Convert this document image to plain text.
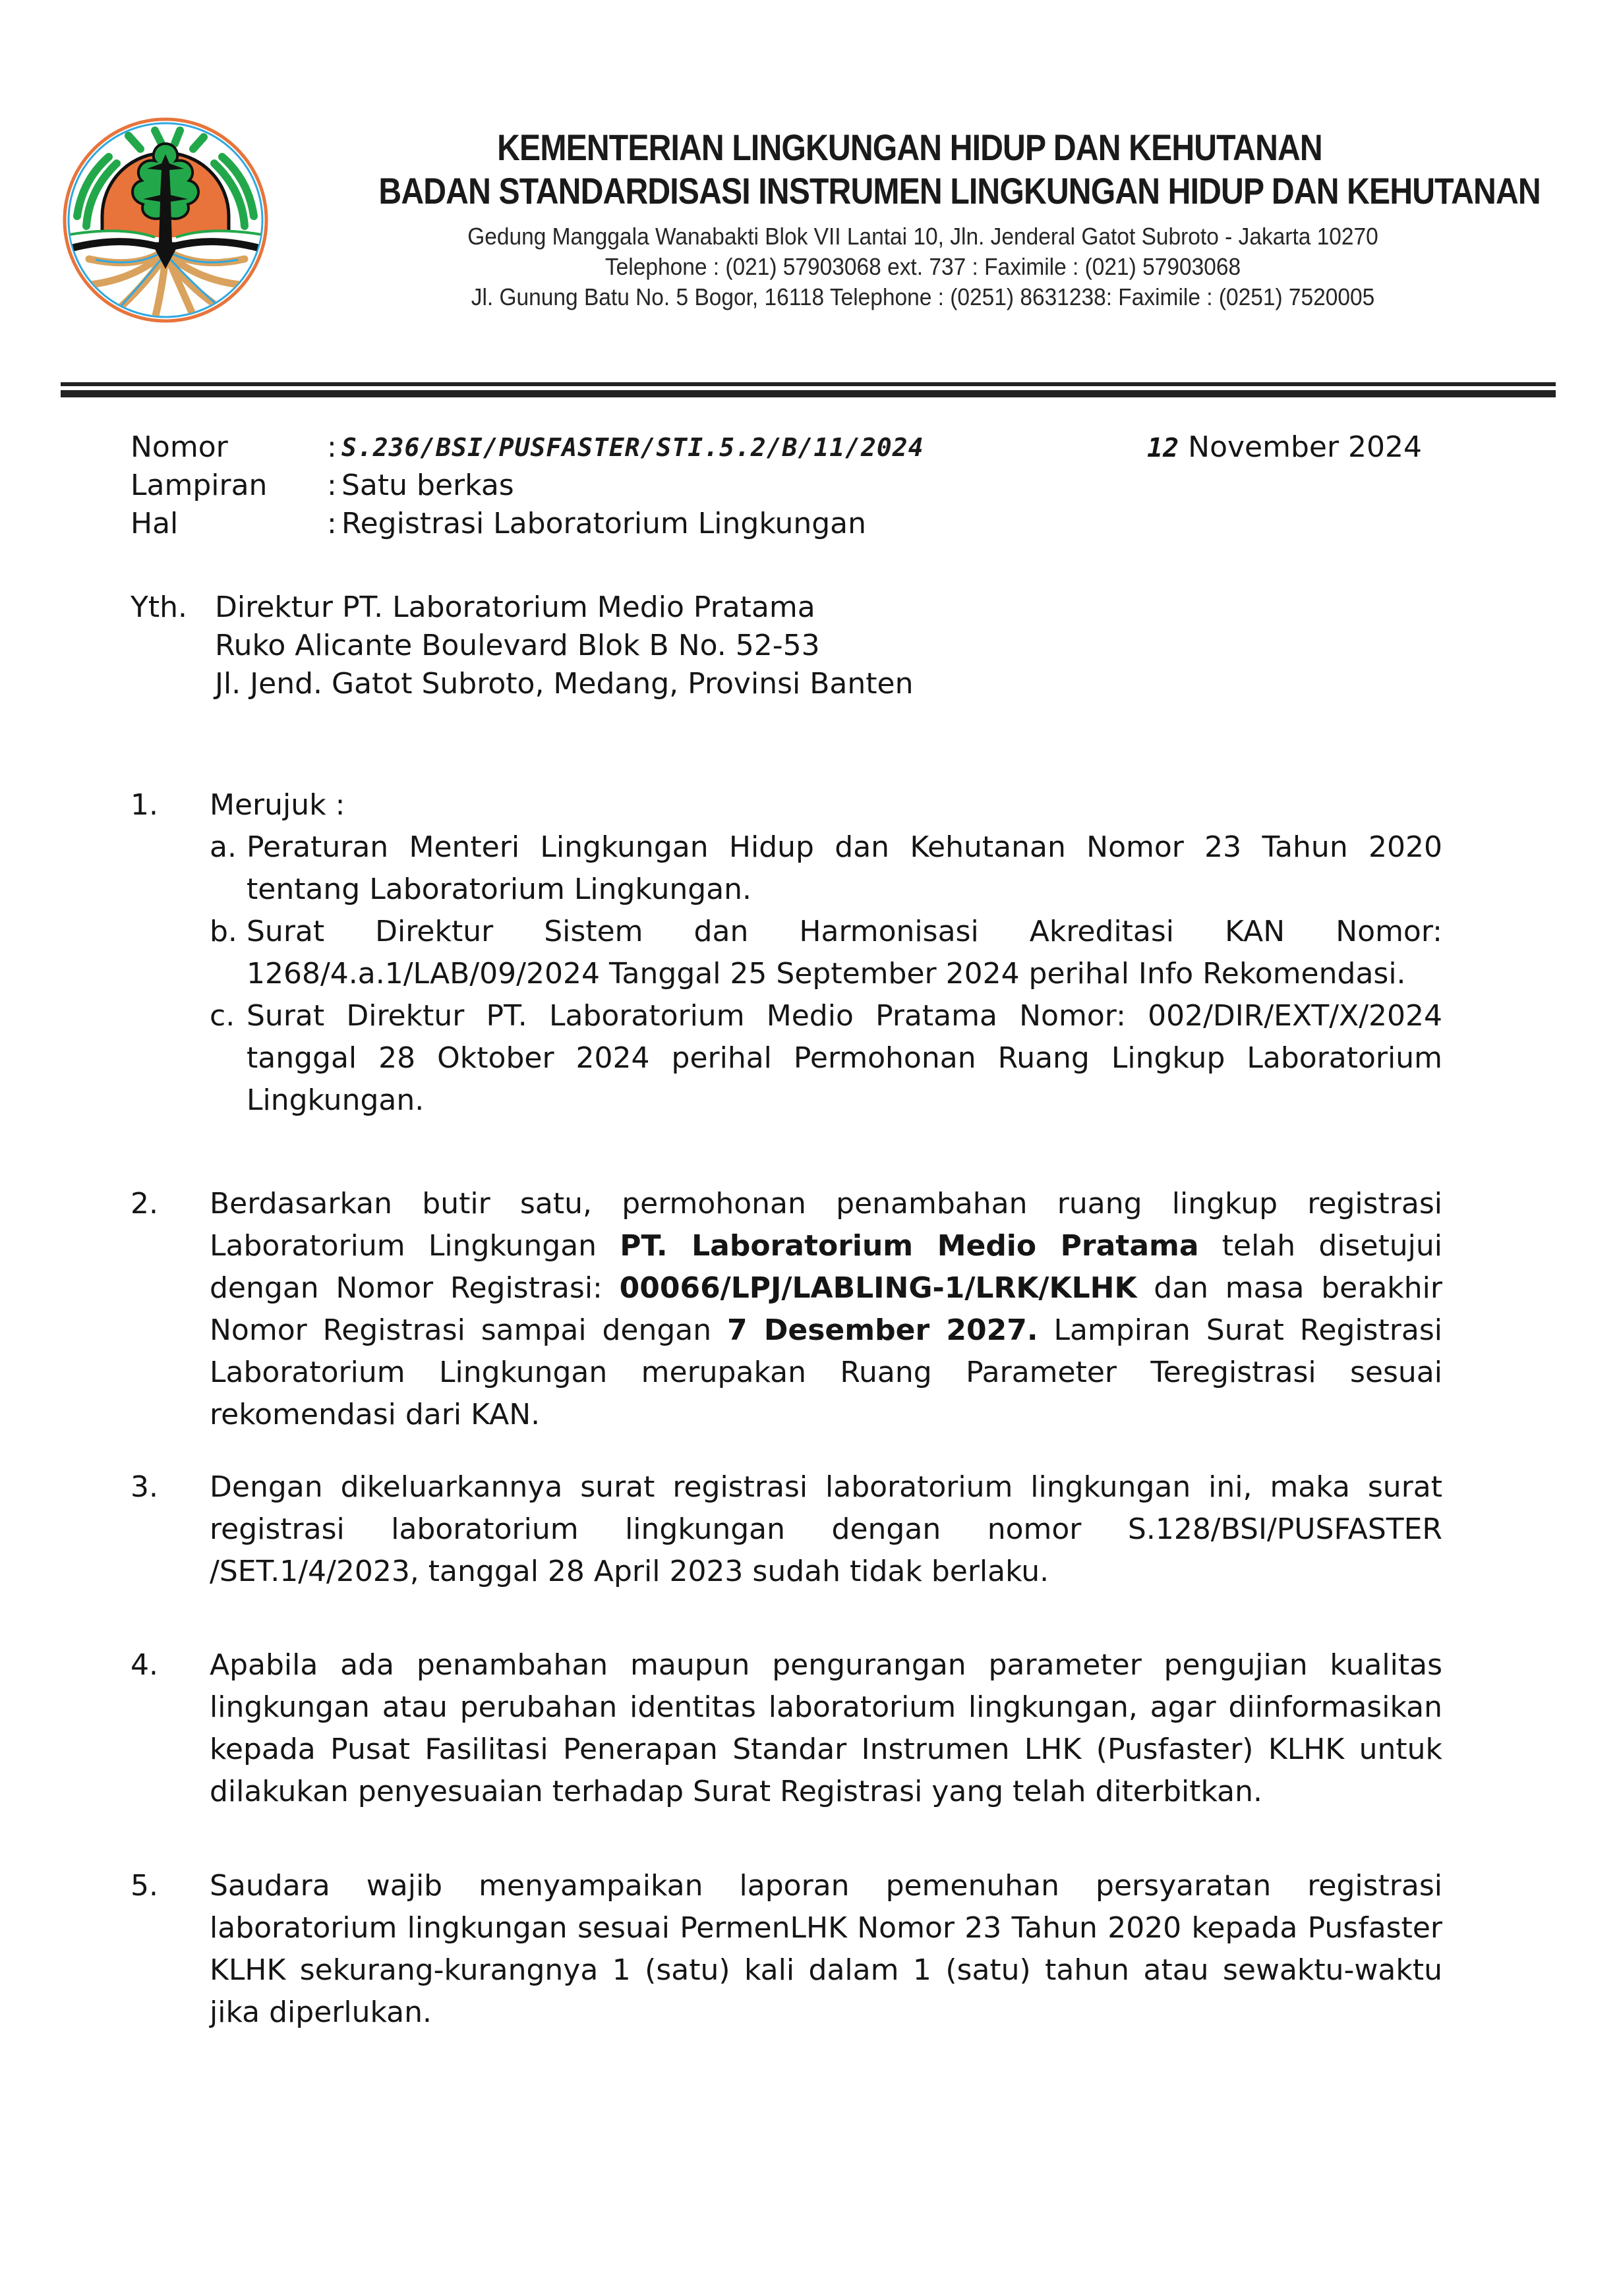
KEMENTERIAN LINGKUNGAN HIDUP DAN KEHUTANAN
BADAN STANDARDISASI INSTRUMEN LINGKUNGAN HIDUP DAN KEHUTANAN
Gedung Manggala Wanabakti Blok VII Lantai 10, Jln. Jenderal Gatot Subroto - Jakarta 10270
Telephone : (021) 57903068 ext. 737 : Faximile : (021) 57903068
Jl. Gunung Batu No. 5 Bogor, 16118 Telephone : (0251) 8631238: Faximile : (0251) 7520005
Nomor	: S.236/BSI/PUSFASTER/STI.5.2/B/11/2024
Lampiran	: Satu berkas
Hal	: Registrasi Laboratorium Lingkungan
12 November 2024
Yth. Direktur PT. Laboratorium Medio Pratama
Ruko Alicante Boulevard Blok B No. 52-53
Jl. Jend. Gatot Subroto, Medang, Provinsi Banten
1.	Merujuk :
a. Peraturan Menteri Lingkungan Hidup dan Kehutanan Nomor 23 Tahun 2020 tentang Laboratorium Lingkungan.
b. Surat Direktur Sistem dan Harmonisasi Akreditasi KAN Nomor: 1268/4.a.1/LAB/09/2024 Tanggal 25 September 2024 perihal Info Rekomendasi.
c. Surat Direktur PT. Laboratorium Medio Pratama Nomor: 002/DIR/EXT/X/2024 tanggal 28 Oktober 2024 perihal Permohonan Ruang Lingkup Laboratorium Lingkungan.
2.	Berdasarkan butir satu, permohonan penambahan ruang lingkup registrasi Laboratorium Lingkungan PT. Laboratorium Medio Pratama telah disetujui dengan Nomor Registrasi: 00066/LPJ/LABLING-1/LRK/KLHK dan masa berakhir Nomor Registrasi sampai dengan 7 Desember 2027. Lampiran Surat Registrasi Laboratorium Lingkungan merupakan Ruang Parameter Teregistrasi sesuai rekomendasi dari KAN.
3.	Dengan dikeluarkannya surat registrasi laboratorium lingkungan ini, maka surat registrasi laboratorium lingkungan dengan nomor S.128/BSI/PUSFASTER /SET.1/4/2023, tanggal 28 April 2023 sudah tidak berlaku.
4.	Apabila ada penambahan maupun pengurangan parameter pengujian kualitas lingkungan atau perubahan identitas laboratorium lingkungan, agar diinformasikan kepada Pusat Fasilitasi Penerapan Standar Instrumen LHK (Pusfaster) KLHK untuk dilakukan penyesuaian terhadap Surat Registrasi yang telah diterbitkan.
5.	Saudara wajib menyampaikan laporan pemenuhan persyaratan registrasi laboratorium lingkungan sesuai PermenLHK Nomor 23 Tahun 2020 kepada Pusfaster KLHK sekurang-kurangnya 1 (satu) kali dalam 1 (satu) tahun atau sewaktu-waktu jika diperlukan.
